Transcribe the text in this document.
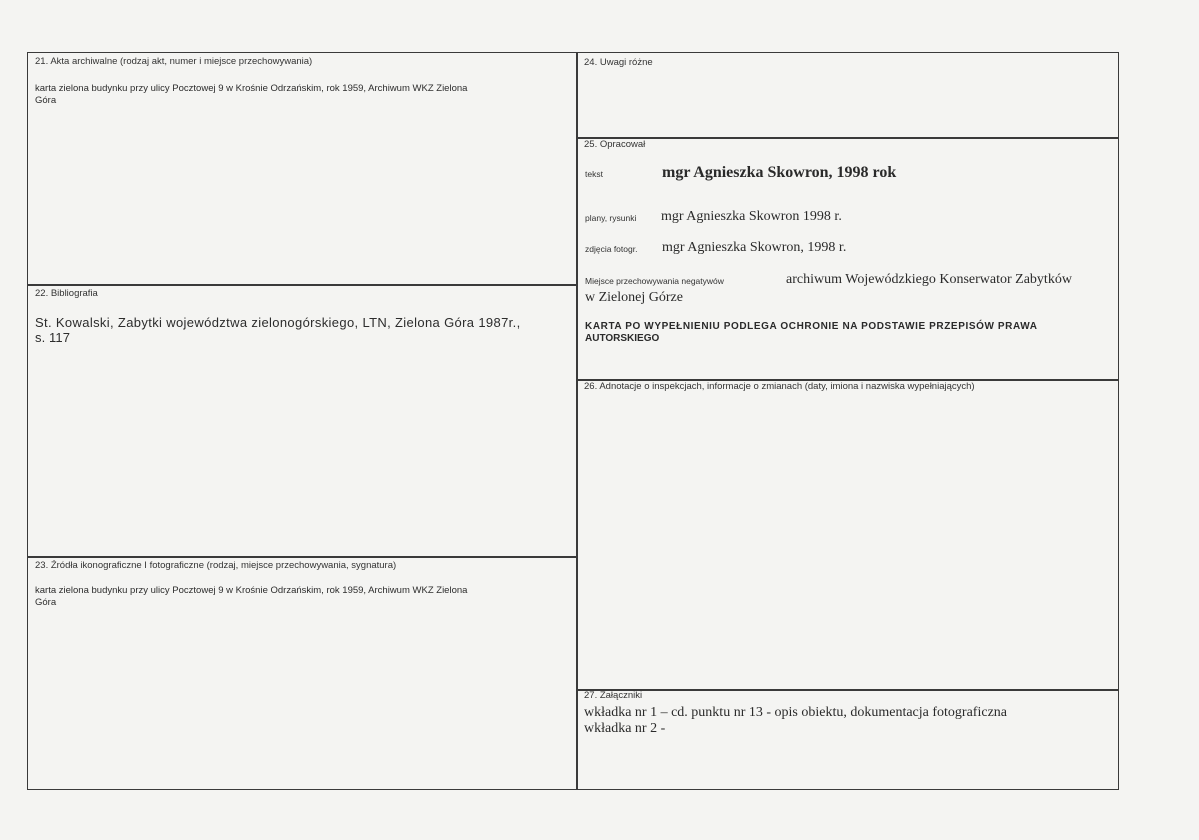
21. Akta archiwalne (rodzaj akt, numer i miejsce przechowywania)
karta zielona budynku przy ulicy Pocztowej 9 w Krośnie Odrzańskim, rok 1959, Archiwum WKZ Zielona
Góra
22. Bibliografia
St. Kowalski, Zabytki województwa zielonogórskiego, LTN, Zielona Góra 1987r.,
s. 117
23. Źródła ikonograficzne I fotograficzne (rodzaj, miejsce przechowywania, sygnatura)
karta zielona budynku przy ulicy Pocztowej 9 w Krośnie Odrzańskim, rok 1959, Archiwum WKZ Zielona
Góra
24. Uwagi różne
25. Opracował
tekst	mgr Agnieszka Skowron, 1998 rok
plany, rysunki mgr Agnieszka Skowron 1998 r.
zdjęcia fotogr. mgr Agnieszka Skowron, 1998 r.
Miejsce przechowywania negatywów	archiwum Wojewódzkiego Konserwator Zabytków
w Zielonej Górze
KARTA PO WYPEŁNIENIU PODLEGA OCHRONIE NA PODSTAWIE PRZEPISÓW PRAWA
AUTORSKIEGO
26. Adnotacje o inspekcjach, informacje o zmianach (daty, imiona i nazwiska wypełniających)
27. Załączniki
wkładka nr 1 – cd. punktu nr 13 - opis obiektu, dokumentacja fotograficzna
wkładka nr 2 -
